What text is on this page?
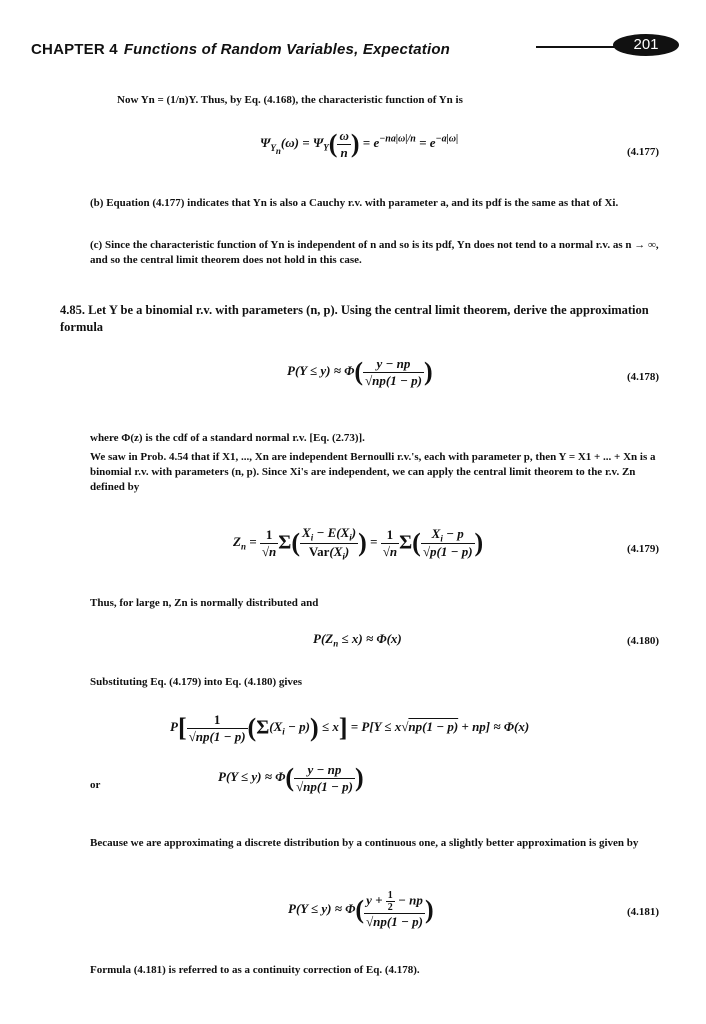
CHAPTER 4 Functions of Random Variables, Expectation	201
Now Yn = (1/n)Y. Thus, by Eq. (4.168), the characteristic function of Yn is
$\Psi_{Y_n}(\omega) = \Psi_Y( \frac{\omega}{n}$ ) = $e^{-na|\omega|/n} = e^{-a|\omega|}$
(4.177)
(b) Equation (4.177) indicates that Yn is also a Cauchy r.v. with parameter a, and its pdf is the same as that of Xi.
(c) Since the characteristic function of Yn is independent of n and so is its pdf, Yn does not tend to a normal r.v. as n → ∞, and so the central limit theorem does not hold in this case.
4.85. Let Y be a binomial r.v. with parameters (n, p). Using the central limit theorem, derive the approximation formula
$P(Y \le y) \approx \Phi( \frac{y - np}{√np(1 - p)}$ )	(4.178)
where Φ(z) is the cdf of a standard normal r.v. [Eq. (2.73)].
We saw in Prob. 4.54 that if X1, ..., Xn are independent Bernoulli r.v.'s, each with parameter p, then Y = X1 + ... + Xn is a binomial r.v. with parameters (n, p). Since Xi's are independent, we can apply the central limit theorem to the r.v. Zn defined by
$Z_n = \frac{1}{√n} \Sigma( \frac{X_i - E(X_i)}{Var(X_i)}$ ) = $\frac{1}{√n} \Sigma( \frac{X_i - p}{√p(1 - p)}$ )	(4.179)
Thus, for large n, Zn is normally distributed and
$P(Z_n \le x) \approx \Phi(x)$	(4.180)
Substituting Eq. (4.179) into Eq. (4.180) gives
$P[ \frac{1}{√np(1 - p)} (\Sigma(X_i - p)) \le x] = P[Y \le x√np(1 - p) + np] \approx \Phi(x)$
or
$P(Y \le y) \approx \Phi( \frac{y - np}{√np(1 - p)}$ )
Because we are approximating a discrete distribution by a continuous one, a slightly better approximation is given by
$P(Y \le y) \approx \Phi( \frac{y + \frac{1}{2} - np}{√np(1 - p)}$ )	(4.181)
Formula (4.181) is referred to as a continuity correction of Eq. (4.178).
